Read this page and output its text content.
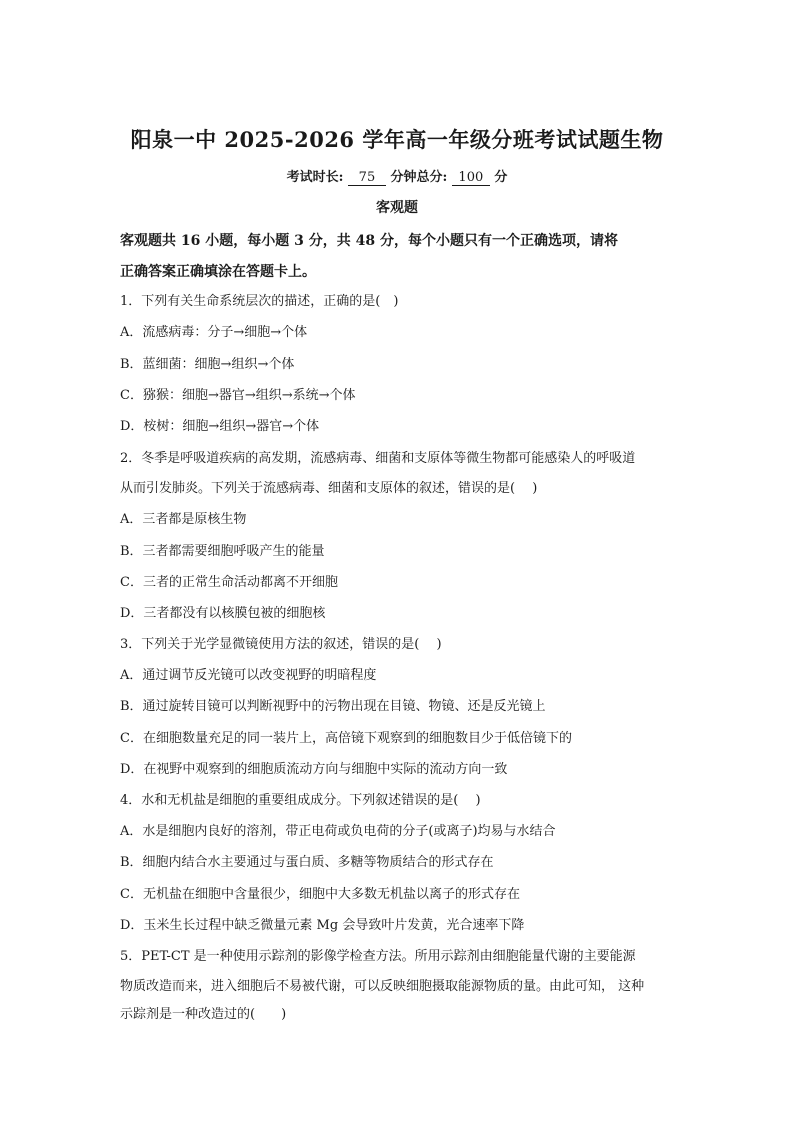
阳泉一中 2025-2026 学年高一年级分班考试试题生物
考试时长: 75 分钟总分: 100 分
客观题
客观题共 16 小题，每小题 3 分，共 48 分，每个小题只有一个正确选项，请将
正确答案正确填涂在答题卡上。
1．下列有关生命系统层次的描述，正确的是(　)
A．流感病毒：分子→细胞→个体
B．蓝细菌：细胞→组织→个体
C．猕猴：细胞→器官→组织→系统→个体
D．桉树：细胞→组织→器官→个体
2．冬季是呼吸道疾病的高发期，流感病毒、细菌和支原体等微生物都可能感染人的呼吸道
从而引发肺炎。下列关于流感病毒、细菌和支原体的叙述，错误的是(　 )
A．三者都是原核生物
B．三者都需要细胞呼吸产生的能量
C．三者的正常生命活动都离不开细胞
D．三者都没有以核膜包被的细胞核
3．下列关于光学显微镜使用方法的叙述，错误的是(　 )
A．通过调节反光镜可以改变视野的明暗程度
B．通过旋转目镜可以判断视野中的污物出现在目镜、物镜、还是反光镜上
C．在细胞数量充足的同一装片上，高倍镜下观察到的细胞数目少于低倍镜下的
D．在视野中观察到的细胞质流动方向与细胞中实际的流动方向一致
4．水和无机盐是细胞的重要组成成分。下列叙述错误的是(　 )
A．水是细胞内良好的溶剂，带正电荷或负电荷的分子(或离子)均易与水结合
B．细胞内结合水主要通过与蛋白质、多糖等物质结合的形式存在
C．无机盐在细胞中含量很少，细胞中大多数无机盐以离子的形式存在
D．玉米生长过程中缺乏微量元素 Mg 会导致叶片发黄，光合速率下降
5．PET-CT 是一种使用示踪剂的影像学检查方法。所用示踪剂由细胞能量代谢的主要能源
物质改造而来，进入细胞后不易被代谢，可以反映细胞摄取能源物质的量。由此可知， 这种
示踪剂是一种改造过的(　　)
